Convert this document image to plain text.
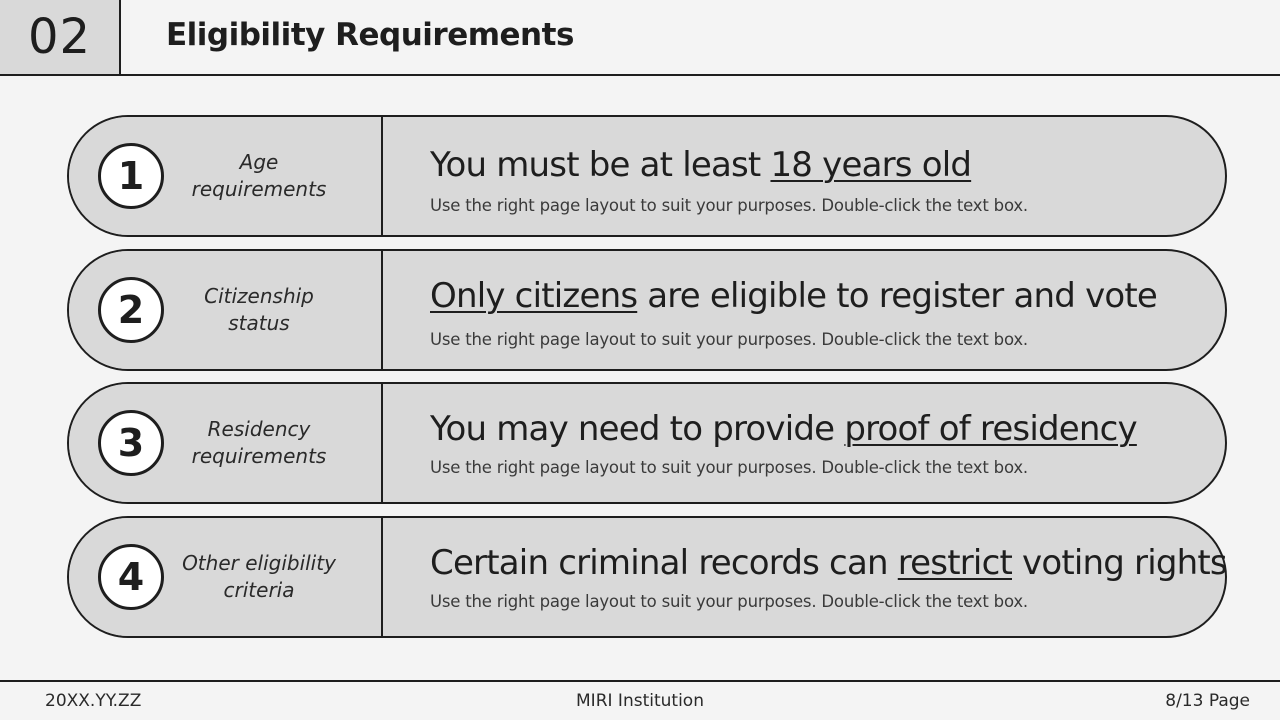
02	Eligibility Requirements
1	Age
requirements
You must be at least 18 years old
Use the right page layout to suit your purposes. Double-click the text box.
2	Citizenship
status
Only citizens are eligible to register and vote
Use the right page layout to suit your purposes. Double-click the text box.
3	Residency
requirements
You may need to provide proof of residency
Use the right page layout to suit your purposes. Double-click the text box.
4	Other eligibility
criteria
Certain criminal records can restrict voting rights
Use the right page layout to suit your purposes. Double-click the text box.
20XX.YY.ZZ	MIRI Institution	8/13 Page
